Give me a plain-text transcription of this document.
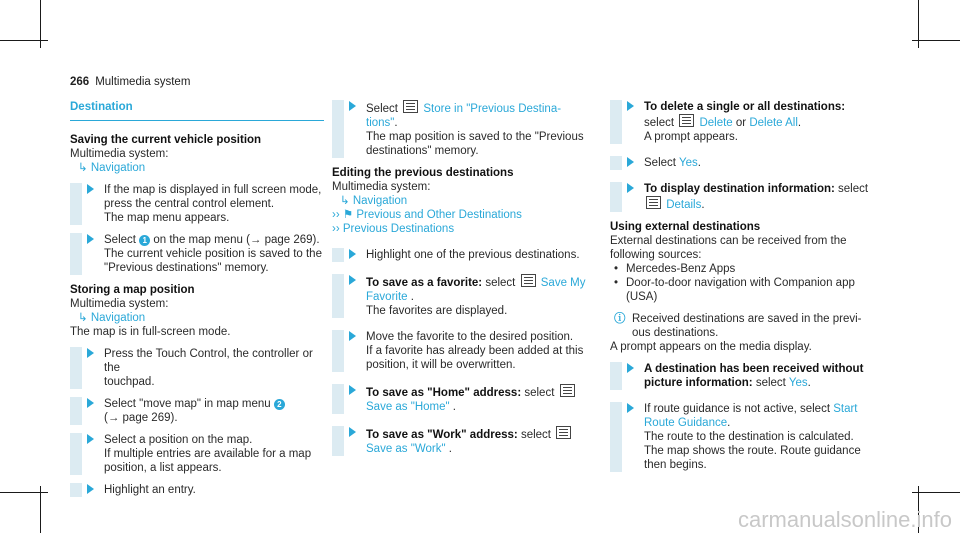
266 Multimedia system
Destination
Saving the current vehicle position
Multimedia system:
↳ Navigation
If the map is displayed in full screen mode,
press the central control element.
The map menu appears.
Select 1 on the map menu (→ page 269).
The current vehicle position is saved to the
"Previous destinations" memory.
Storing a map position
Multimedia system:
↳ Navigation
The map is in full-screen mode.
Press the Touch Control, the controller or the
touchpad.
Select "move map" in map menu 2
(→ page 269).
Select a position on the map.
If multiple entries are available for a map
position, a list appears.
Highlight an entry.
Select  Store in "Previous Destina-
tions".
The map position is saved to the "Previous
destinations" memory.
Editing the previous destinations
Multimedia system:
↳ Navigation
›› ⚑ Previous and Other Destinations
›› Previous Destinations
Highlight one of the previous destinations.
To save as a favorite: select  Save My
Favorite .
The favorites are displayed.
Move the favorite to the desired position.
If a favorite has already been added at this
position, it will be overwritten.
To save as "Home" address: select
Save as "Home" .
To save as "Work" address: select
Save as "Work" .
To delete a single or all destinations:
select  Delete or Delete All.
A prompt appears.
Select Yes.
To display destination information: select
Details.
Using external destinations
External destinations can be received from the
following sources:
• Mercedes-Benz Apps
• Door-to-door navigation with Companion app
(USA)
ⓘ Received destinations are saved in the previ-
ous destinations.
A prompt appears on the media display.
A destination has been received without
picture information: select Yes.
If route guidance is not active, select Start
Route Guidance.
The route to the destination is calculated.
The map shows the route. Route guidance
then begins.
carmanualsonline.info
